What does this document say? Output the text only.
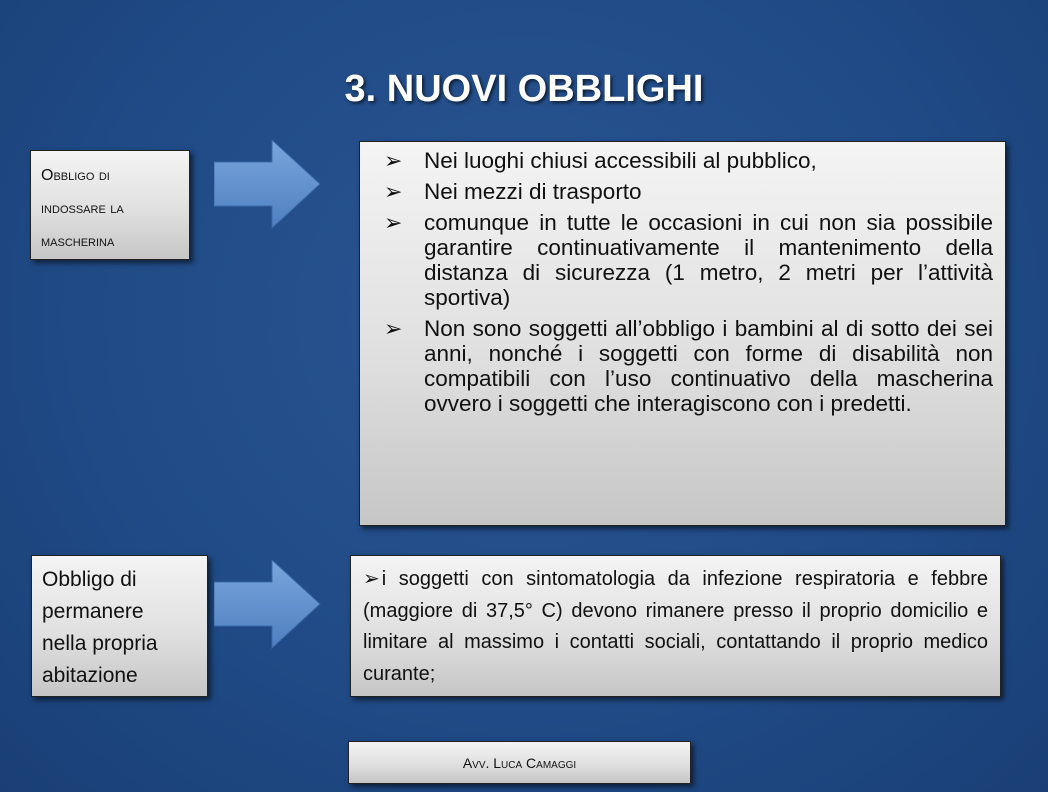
3. NUOVI OBBLIGHI
Obbligo di
indossare la
mascherina
➢ Nei luoghi chiusi accessibili al pubblico,
➢ Nei mezzi di trasporto
➢ comunque in tutte le occasioni in cui non sia possibile garantire continuativamente il mantenimento della distanza di sicurezza (1 metro, 2 metri per l’attività sportiva)
➢ Non sono soggetti all’obbligo i bambini al di sotto dei sei anni, nonché i soggetti con forme di disabilità non compatibili con l’uso continuativo della mascherina ovvero i soggetti che interagiscono con i predetti.
Obbligo di
permanere
nella propria
abitazione
➢ i soggetti con sintomatologia da infezione respiratoria e febbre (maggiore di 37,5° C) devono rimanere presso il proprio domicilio e limitare al massimo i contatti sociali, contattando il proprio medico curante;
Avv. Luca Camaggi
